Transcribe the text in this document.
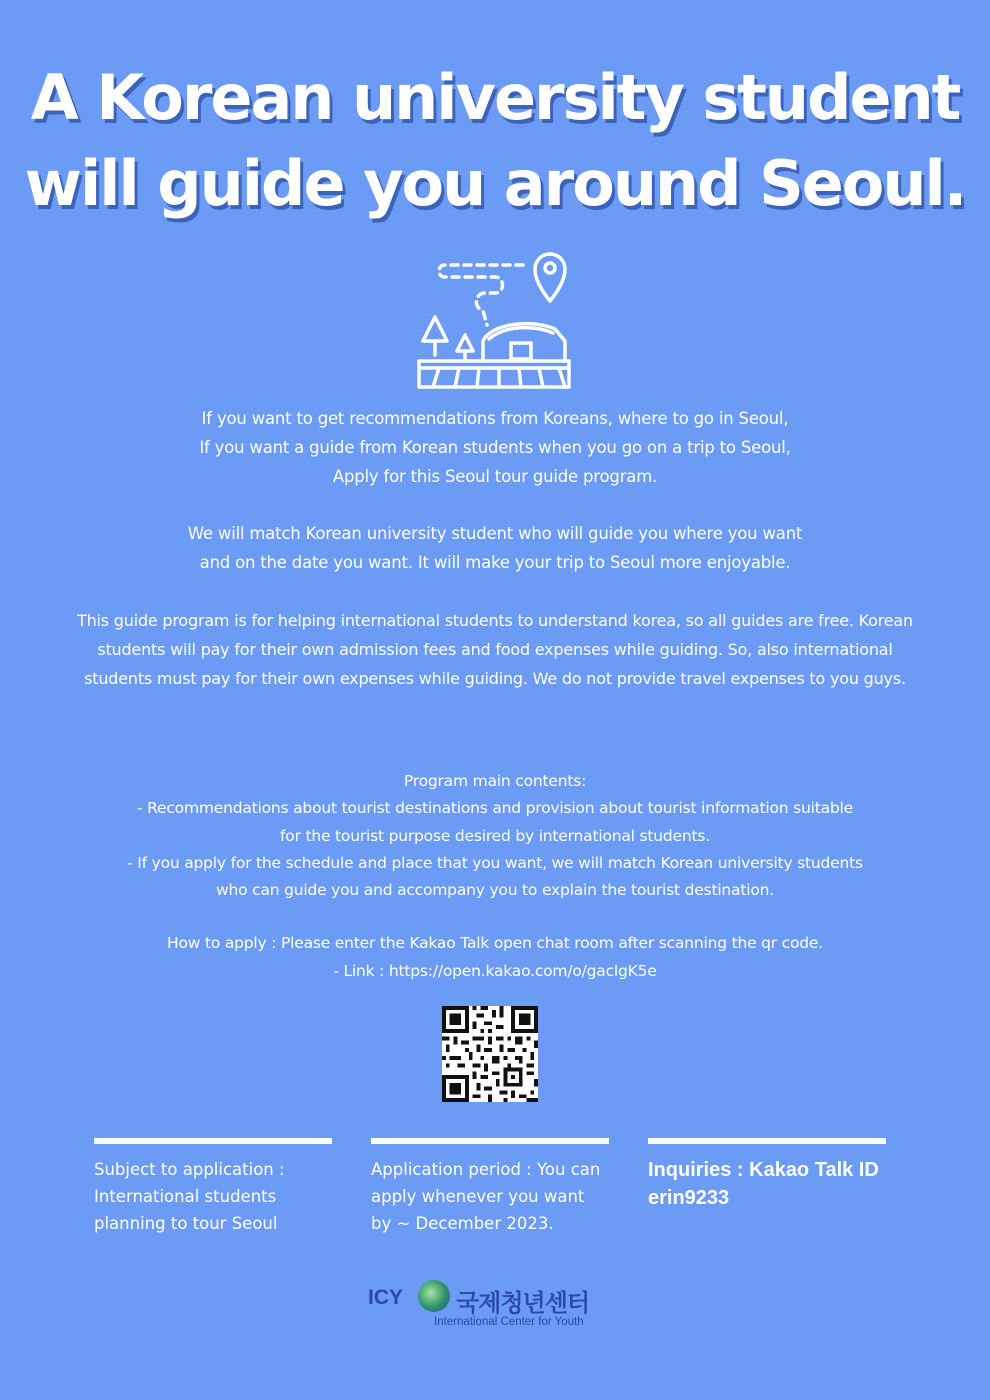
A Korean university student
will guide you around Seoul.
If you want to get recommendations from Koreans, where to go in Seoul,
If you want a guide from Korean students when you go on a trip to Seoul,
Apply for this Seoul tour guide program.
We will match Korean university student who will guide you where you want
and on the date you want. It will make your trip to Seoul more enjoyable.
This guide program is for helping international students to understand korea, so all guides are free. Korean
students will pay for their own admission fees and food expenses while guiding. So, also international
students must pay for their own expenses while guiding. We do not provide travel expenses to you guys.
Program main contents:
- Recommendations about tourist destinations and provision about tourist information suitable
for the tourist purpose desired by international students.
- If you apply for the schedule and place that you want, we will match Korean university students
who can guide you and accompany you to explain the tourist destination.
How to apply : Please enter the Kakao Talk open chat room after scanning the qr code.
- Link : https://open.kakao.com/o/gaclgK5e
Subject to application :
International students
planning to tour Seoul
Application period : You can
apply whenever you want
by ~ December 2023.
Inquiries : Kakao Talk ID
erin9233
ICY 국제청년센터
International Center for Youth
